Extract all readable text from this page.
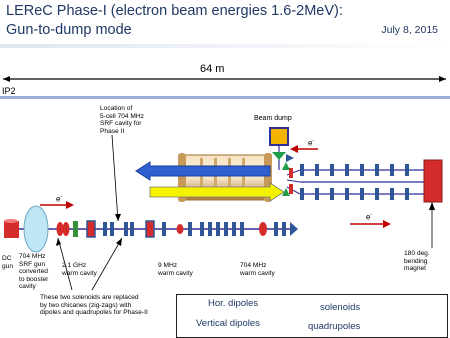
LEReC Phase-I (electron beam energies 1.6-2MeV):
Gun-to-dump mode	July 8, 2015
64 m
IP2
Beam dump
e-
e-
e-
Location of
5-cell 704 MHz
SRF cavity for
Phase II
DC
gun
704 MHz
SRF gun
converted
to booster
cavity
2.1 GHz
warm cavity
9 MHz
warm cavity
704 MHz
warm cavity
180 deg.
bending
magnet
These two solenoids are replaced
by two chicanes (zig-zags) with
dipoles and quadrupoles for Phase-II
Hor. dipoles
Vertical dipoles
solenoids
quadrupoles
